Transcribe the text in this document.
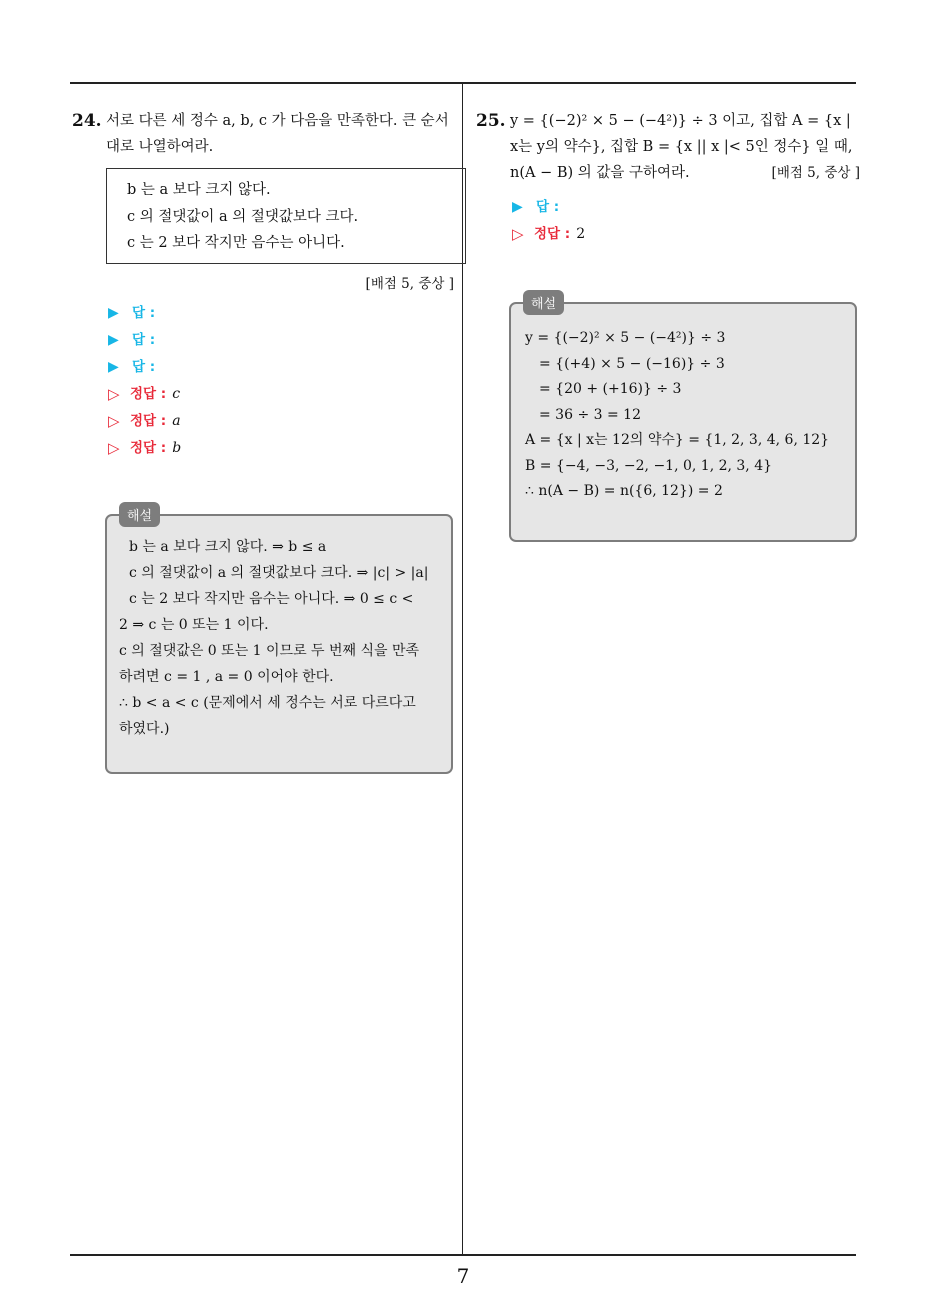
7
24. 서로 다른 세 정수 a, b, c 가 다음을 만족한다. 큰 순서대로 나열하여라.
b 는 a 보다 크지 않다.
c 의 절댓값이 a 의 절댓값보다 크다.
c 는 2 보다 작지만 음수는 아니다.
[배점 5, 중상 ]
▶ 답 :
▶ 답 :
▶ 답 :
▷ 정답 : c
▷ 정답 : a
▷ 정답 : b
해설
b 는 a 보다 크지 않다. ⇒ b ≤ a
c 의 절댓값이 a 의 절댓값보다 크다. ⇒ |c| > |a|
c 는 2 보다 작지만 음수는 아니다. ⇒ 0 ≤ c <
2 ⇒ c 는 0 또는 1 이다.
c 의 절댓값은 0 또는 1 이므로 두 번째 식을 만족
하려면 c = 1 , a = 0 이어야 한다.
∴ b < a < c (문제에서 세 정수는 서로 다르다고
하였다.)
25. y = {(−2)² × 5 − (−4²)} ÷ 3 이고, 집합 A = {x |
x는 y의 약수}, 집합 B = {x || x |< 5인 정수} 일 때,
n(A − B) 의 값을 구하여라.	[배점 5, 중상 ]
▶ 답 :
▷ 정답 : 2
해설
y = {(−2)² × 5 − (−4²)} ÷ 3
= {(+4) × 5 − (−16)} ÷ 3
= {20 + (+16)} ÷ 3
= 36 ÷ 3 = 12
A = {x | x는 12의 약수} = {1, 2, 3, 4, 6, 12}
B = {−4, −3, −2, −1, 0, 1, 2, 3, 4}
∴ n(A − B) = n({6, 12}) = 2
